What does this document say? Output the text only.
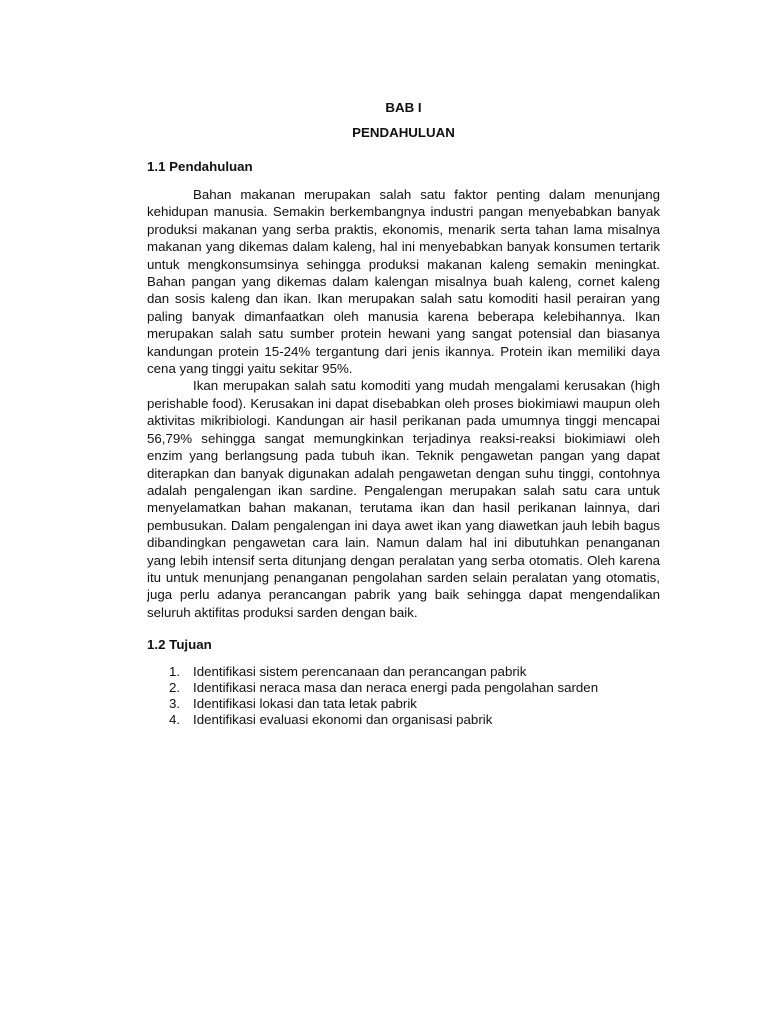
BAB I
PENDAHULUAN
1.1 Pendahuluan

Bahan makanan merupakan salah satu faktor penting dalam menunjang kehidupan manusia. Semakin berkembangnya industri pangan menyebabkan banyak produksi makanan yang serba praktis, ekonomis, menarik serta tahan lama misalnya makanan yang dikemas dalam kaleng, hal ini menyebabkan banyak konsumen tertarik untuk mengkonsumsinya sehingga produksi makanan kaleng semakin meningkat. Bahan pangan yang dikemas dalam kalengan misalnya buah kaleng, cornet kaleng dan sosis kaleng dan ikan. Ikan merupakan salah satu komoditi hasil perairan yang paling banyak dimanfaatkan oleh manusia karena beberapa kelebihannya. Ikan merupakan salah satu sumber protein hewani yang sangat potensial dan biasanya kandungan protein 15-24% tergantung dari jenis ikannya. Protein ikan memiliki daya cena yang tinggi yaitu sekitar 95%.

Ikan merupakan salah satu komoditi yang mudah mengalami kerusakan (high perishable food). Kerusakan ini dapat disebabkan oleh proses biokimiawi maupun oleh aktivitas mikribiologi. Kandungan air hasil perikanan pada umumnya tinggi mencapai 56,79% sehingga sangat memungkinkan terjadinya reaksi-reaksi biokimiawi oleh enzim yang berlangsung pada tubuh ikan. Teknik pengawetan pangan yang dapat diterapkan dan banyak digunakan adalah pengawetan dengan suhu tinggi, contohnya adalah pengalengan ikan sardine. Pengalengan merupakan salah satu cara untuk menyelamatkan bahan makanan, terutama ikan dan hasil perikanan lainnya, dari pembusukan. Dalam pengalengan ini daya awet ikan yang diawetkan jauh lebih bagus dibandingkan pengawetan cara lain. Namun dalam hal ini dibutuhkan penanganan yang lebih intensif serta ditunjang dengan peralatan yang serba otomatis. Oleh karena itu untuk menunjang penanganan pengolahan sarden selain peralatan yang otomatis, juga perlu adanya perancangan pabrik yang baik sehingga dapat mengendalikan seluruh aktifitas produksi sarden dengan baik.

1.2 Tujuan
1. Identifikasi sistem perencanaan dan perancangan pabrik
2. Identifikasi neraca masa dan neraca energi pada pengolahan sarden
3. Identifikasi lokasi dan tata letak pabrik
4. Identifikasi evaluasi ekonomi dan organisasi pabrik
